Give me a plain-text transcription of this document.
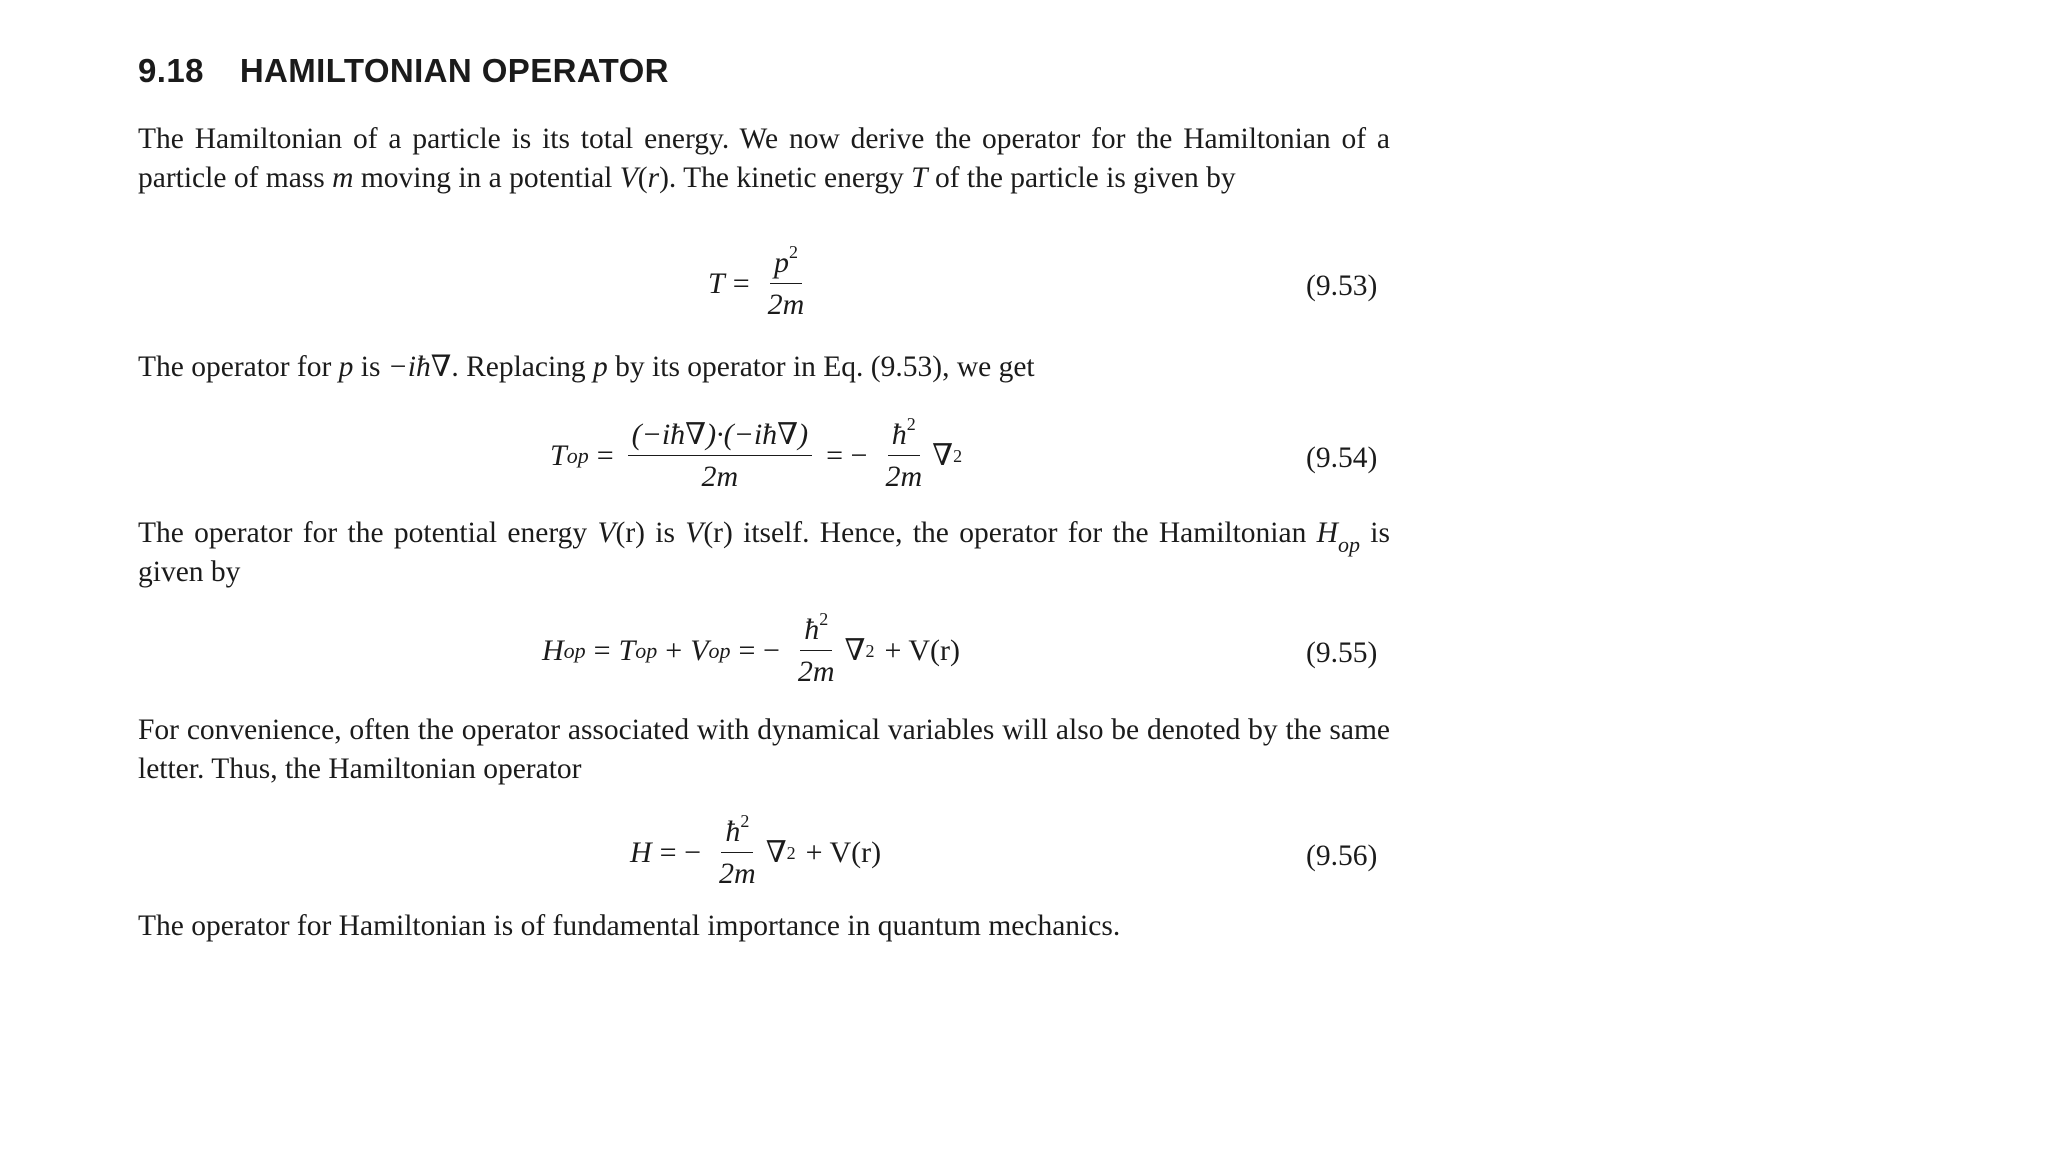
9.18 HAMILTONIAN OPERATOR
The Hamiltonian of a particle is its total energy. We now derive the operator for the Hamiltonian of a particle of mass m moving in a potential V(r). The kinetic energy T of the particle is given by
$T = \frac{p^2}{2m}$	(9.53)
The operator for p is −iħ∇. Replacing p by its operator in Eq. (9.53), we get
T op = $\frac{(-iħ\nabla)\cdot(-iħ\nabla)}{2m}$ = − $\frac{ħ^2}{2m}$ ∇ 2	(9.54)
The operator for the potential energy V(r) is V(r) itself. Hence, the operator for the Hamiltonian $H_{op}$ is given by
H op = T op + V op = − $\frac{ħ^2}{2m}$ ∇ 2 + V(r)	(9.55)
For convenience, often the operator associated with dynamical variables will also be denoted by the same letter. Thus, the Hamiltonian operator
H = − $\frac{ħ^2}{2m}$ ∇ 2 + V(r)	(9.56)
The operator for Hamiltonian is of fundamental importance in quantum mechanics.
